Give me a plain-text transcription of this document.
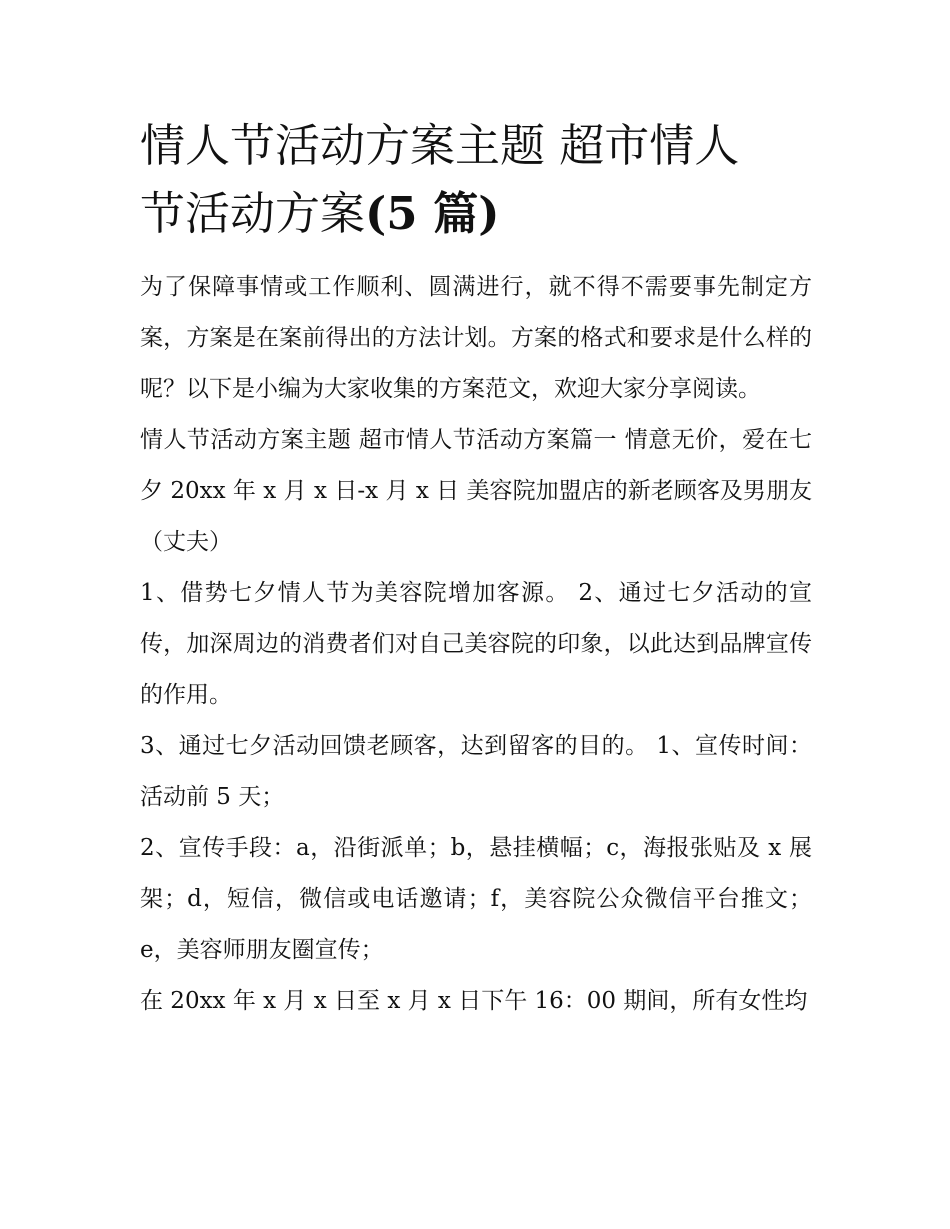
情人节活动方案主题 超市情人
节活动方案(5 篇)

为了保障事情或工作顺利、圆满进行，就不得不需要事先制定方案，方案是在案前得出的方法计划。方案的格式和要求是什么样的呢？以下是小编为大家收集的方案范文，欢迎大家分享阅读。

情人节活动方案主题 超市情人节活动方案篇一 情意无价，爱在七夕 20xx 年 x 月 x 日-x 月 x 日 美容院加盟店的新老顾客及男朋友（丈夫）

1、借势七夕情人节为美容院增加客源。 2、通过七夕活动的宣传，加深周边的消费者们对自己美容院的印象，以此达到品牌宣传的作用。

3、通过七夕活动回馈老顾客，达到留客的目的。 1、宣传时间：活动前 5 天；

2、宣传手段：a，沿街派单；b，悬挂横幅；c，海报张贴及 x 展架；d，短信，微信或电话邀请；f，美容院公众微信平台推文；e，美容师朋友圈宣传；

在 20xx 年 x 月 x 日至 x 月 x 日下午 16：00 期间，所有女性均
